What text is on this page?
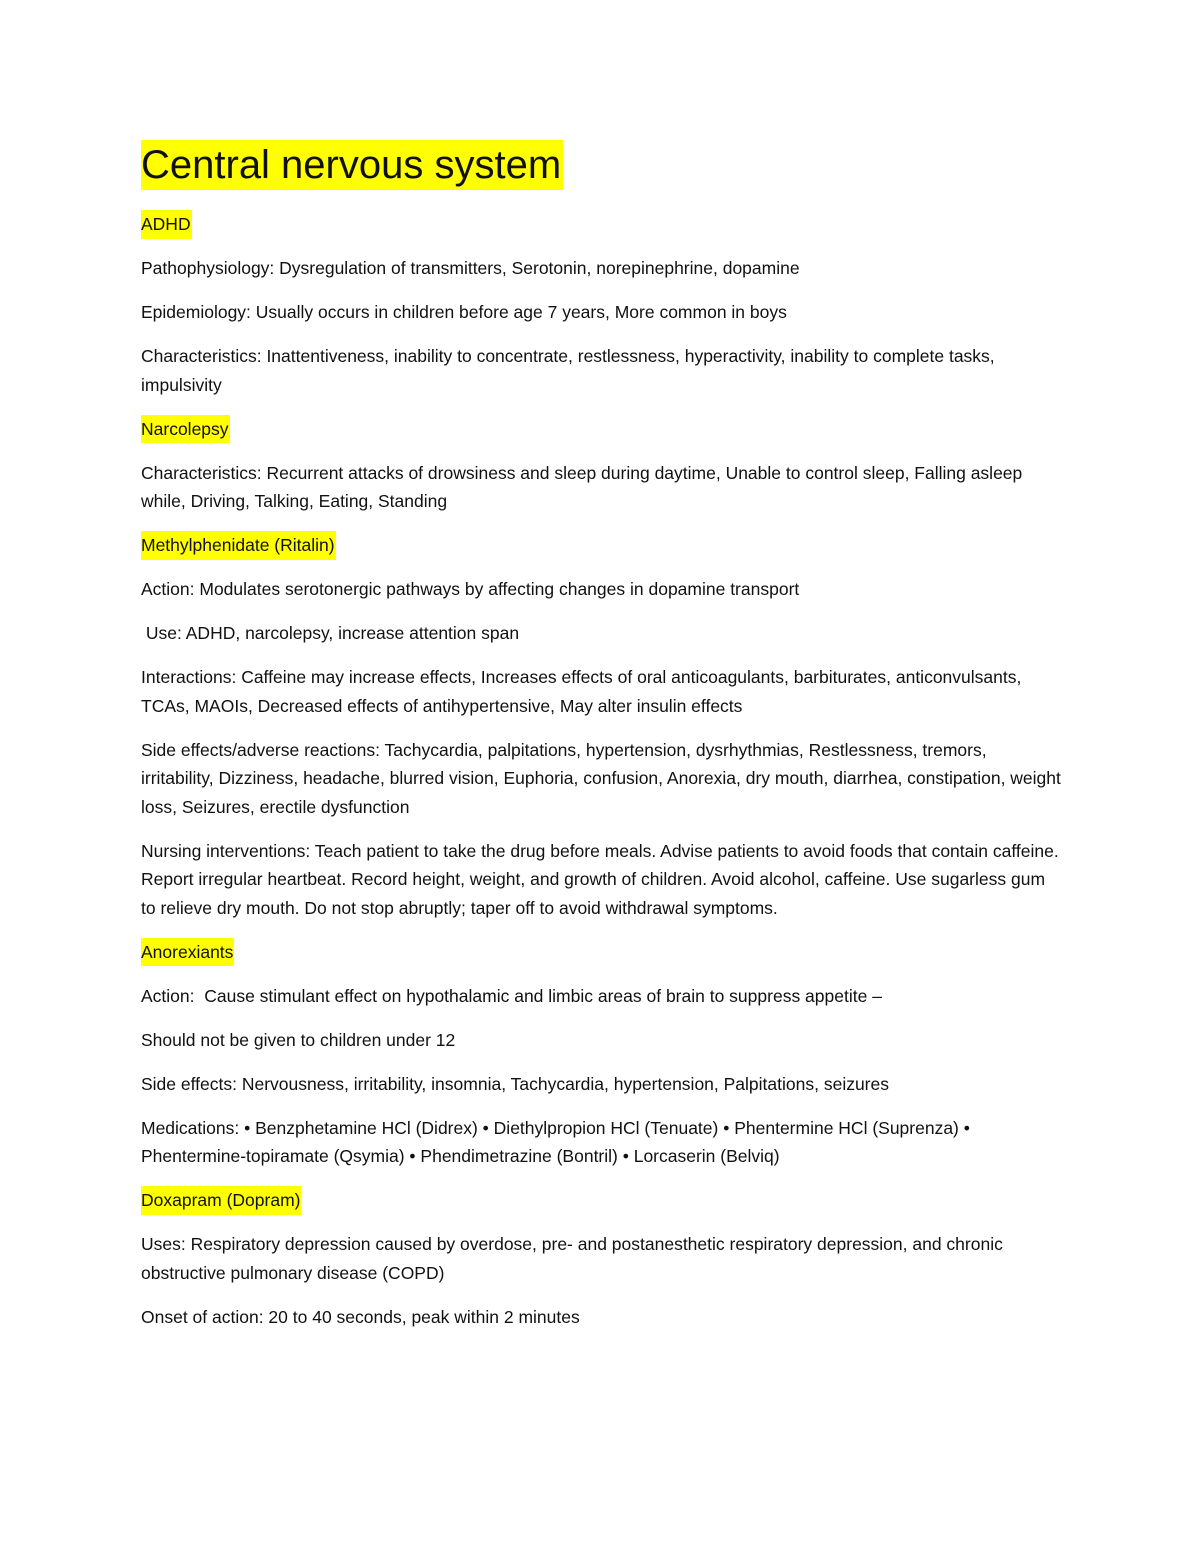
Central nervous system

ADHD

Pathophysiology: Dysregulation of transmitters, Serotonin, norepinephrine, dopamine

Epidemiology: Usually occurs in children before age 7 years, More common in boys

Characteristics: Inattentiveness, inability to concentrate, restlessness, hyperactivity, inability to complete tasks, impulsivity

Narcolepsy

Characteristics: Recurrent attacks of drowsiness and sleep during daytime, Unable to control sleep, Falling asleep while, Driving, Talking, Eating, Standing

Methylphenidate (Ritalin)

Action: Modulates serotonergic pathways by affecting changes in dopamine transport

Use: ADHD, narcolepsy, increase attention span

Interactions: Caffeine may increase effects, Increases effects of oral anticoagulants, barbiturates, anticonvulsants, TCAs, MAOIs, Decreased effects of antihypertensive, May alter insulin effects

Side effects/adverse reactions: Tachycardia, palpitations, hypertension, dysrhythmias, Restlessness, tremors, irritability, Dizziness, headache, blurred vision, Euphoria, confusion, Anorexia, dry mouth, diarrhea, constipation, weight loss, Seizures, erectile dysfunction

Nursing interventions: Teach patient to take the drug before meals. Advise patients to avoid foods that contain caffeine. Report irregular heartbeat. Record height, weight, and growth of children. Avoid alcohol, caffeine. Use sugarless gum to relieve dry mouth. Do not stop abruptly; taper off to avoid withdrawal symptoms.

Anorexiants

Action:  Cause stimulant effect on hypothalamic and limbic areas of brain to suppress appetite –

Should not be given to children under 12

Side effects: Nervousness, irritability, insomnia, Tachycardia, hypertension, Palpitations, seizures

Medications: • Benzphetamine HCl (Didrex) • Diethylpropion HCl (Tenuate) • Phentermine HCl (Suprenza) • Phentermine-topiramate (Qsymia) • Phendimetrazine (Bontril) • Lorcaserin (Belviq)

Doxapram (Dopram)

Uses: Respiratory depression caused by overdose, pre- and postanesthetic respiratory depression, and chronic obstructive pulmonary disease (COPD)

Onset of action: 20 to 40 seconds, peak within 2 minutes
